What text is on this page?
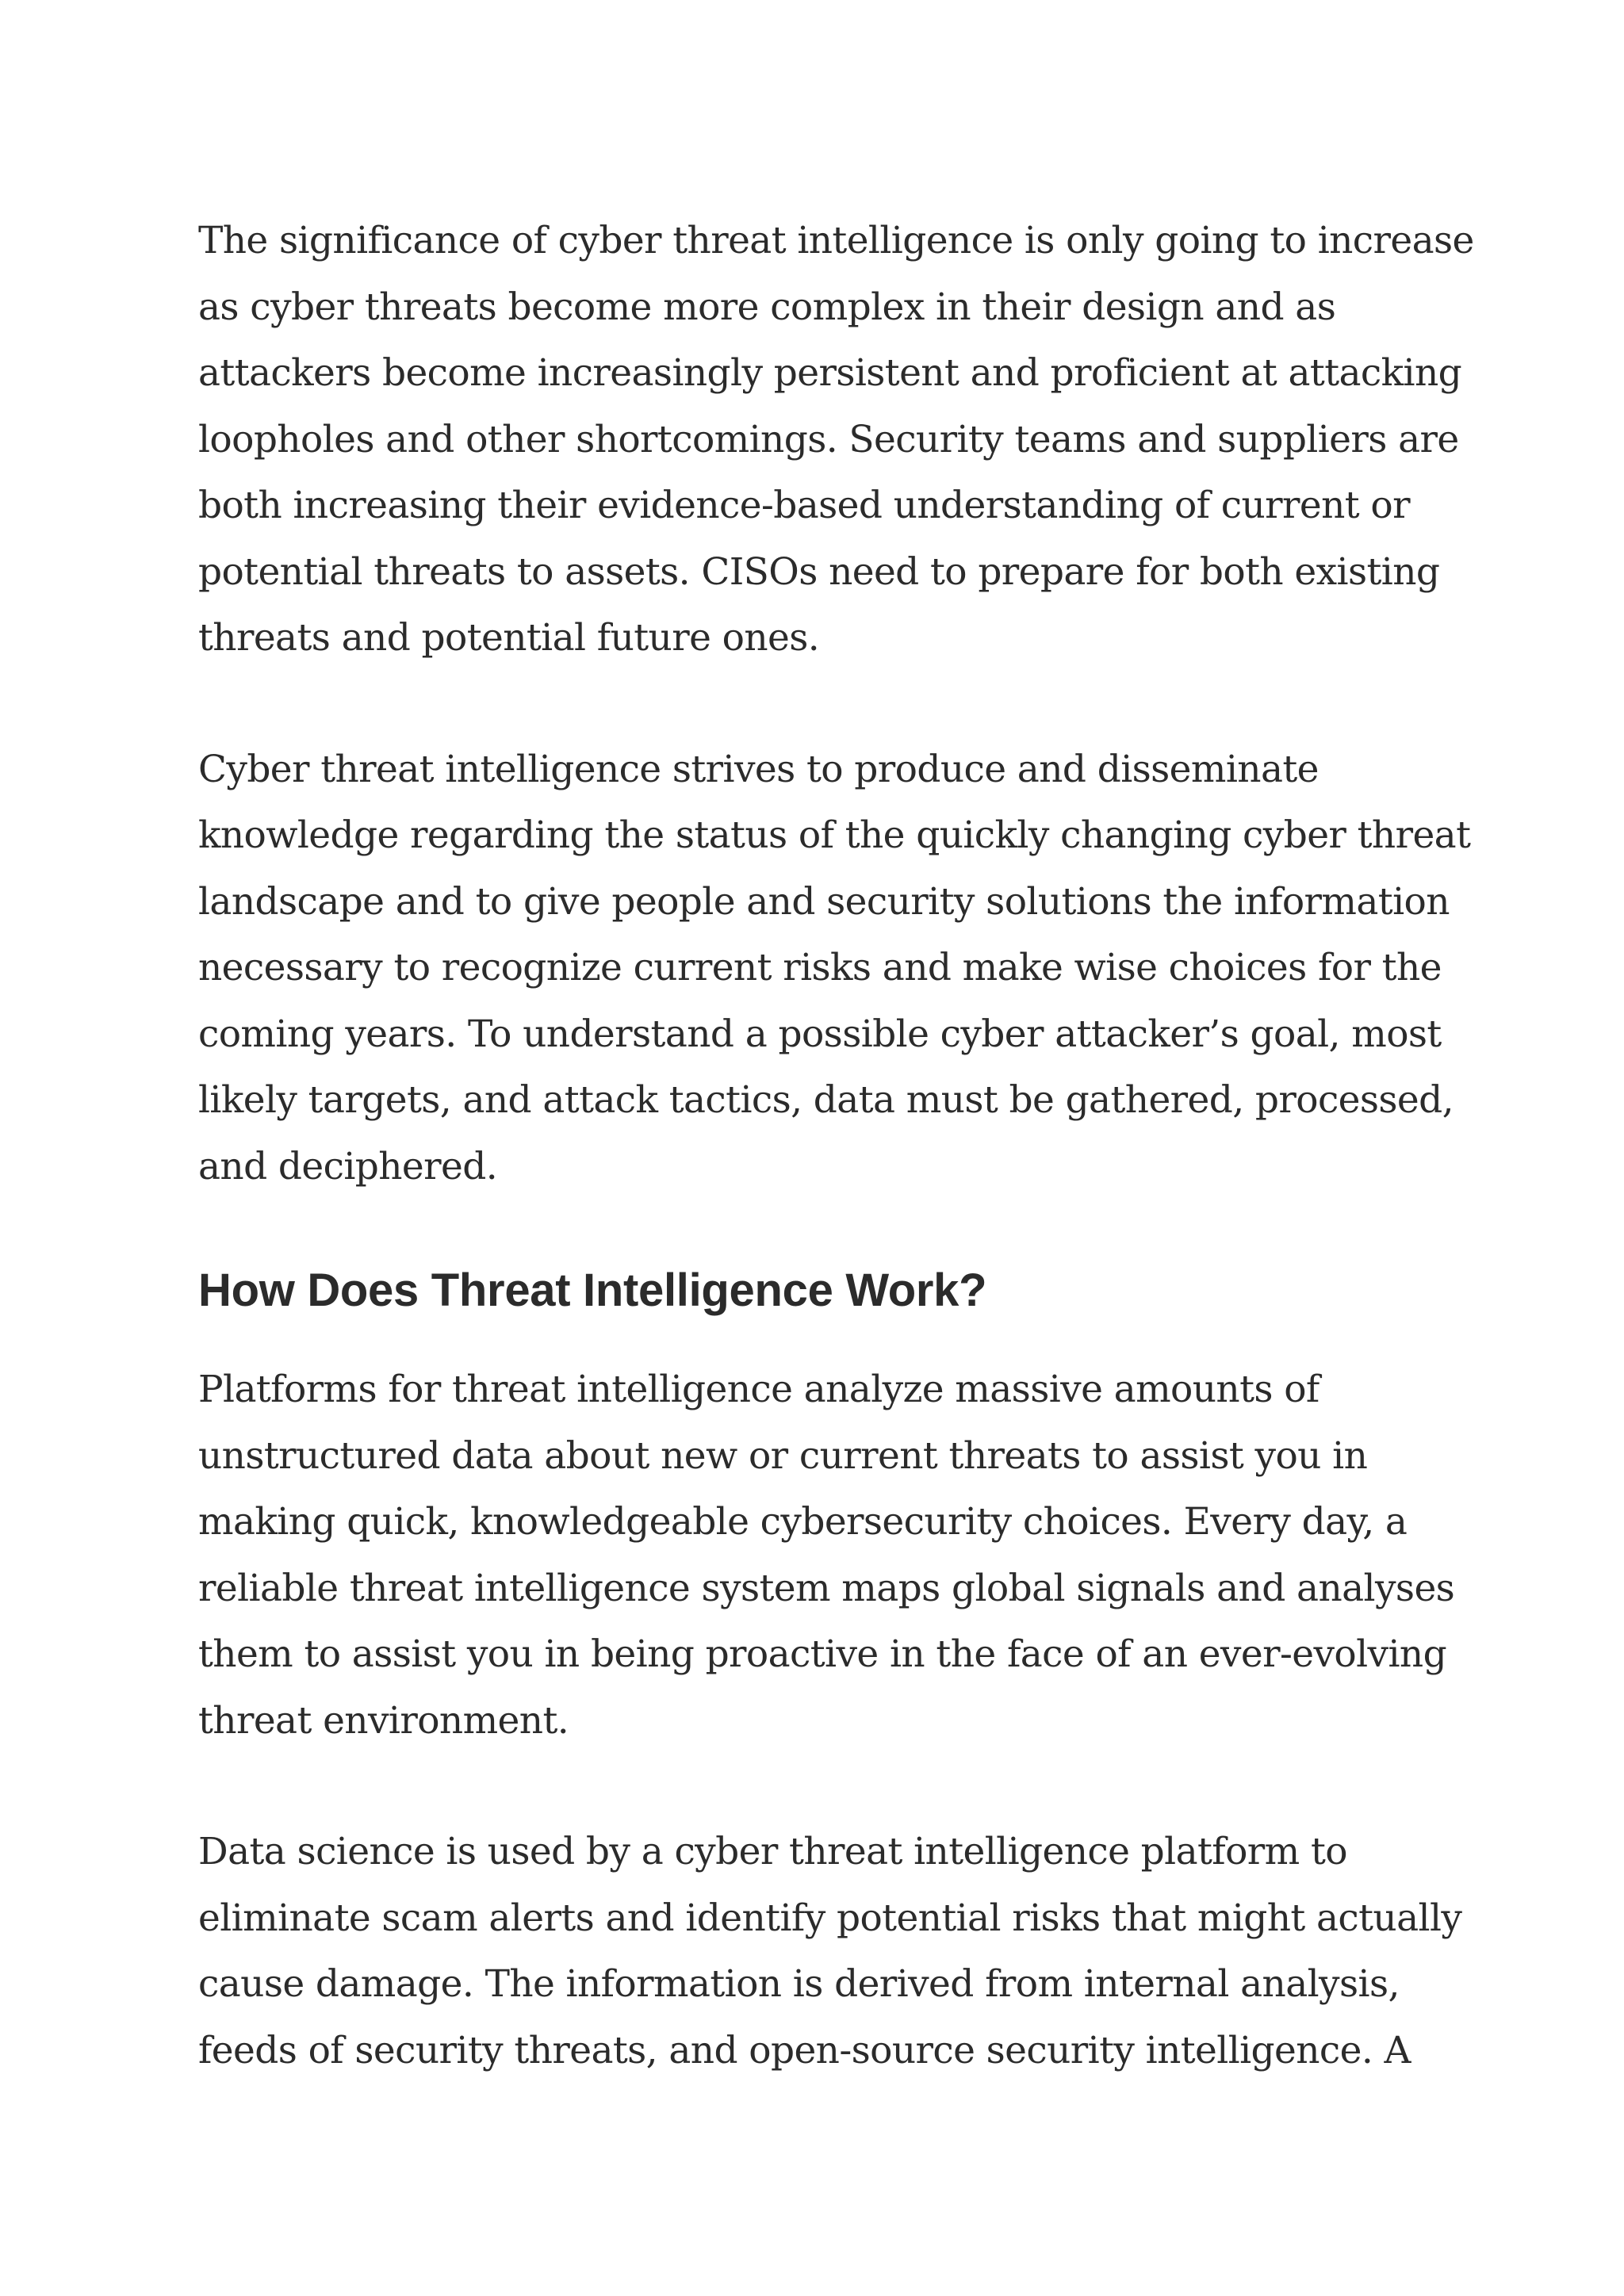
The significance of cyber threat intelligence is only going to increase
as cyber threats become more complex in their design and as
attackers become increasingly persistent and proficient at attacking
loopholes and other shortcomings. Security teams and suppliers are
both increasing their evidence-based understanding of current or
potential threats to assets. CISOs need to prepare for both existing
threats and potential future ones.

Cyber threat intelligence strives to produce and disseminate
knowledge regarding the status of the quickly changing cyber threat
landscape and to give people and security solutions the information
necessary to recognize current risks and make wise choices for the
coming years. To understand a possible cyber attacker’s goal, most
likely targets, and attack tactics, data must be gathered, processed,
and deciphered.

How Does Threat Intelligence Work?

Platforms for threat intelligence analyze massive amounts of
unstructured data about new or current threats to assist you in
making quick, knowledgeable cybersecurity choices. Every day, a
reliable threat intelligence system maps global signals and analyses
them to assist you in being proactive in the face of an ever-evolving
threat environment.

Data science is used by a cyber threat intelligence platform to
eliminate scam alerts and identify potential risks that might actually
cause damage. The information is derived from internal analysis,
feeds of security threats, and open-source security intelligence. A
